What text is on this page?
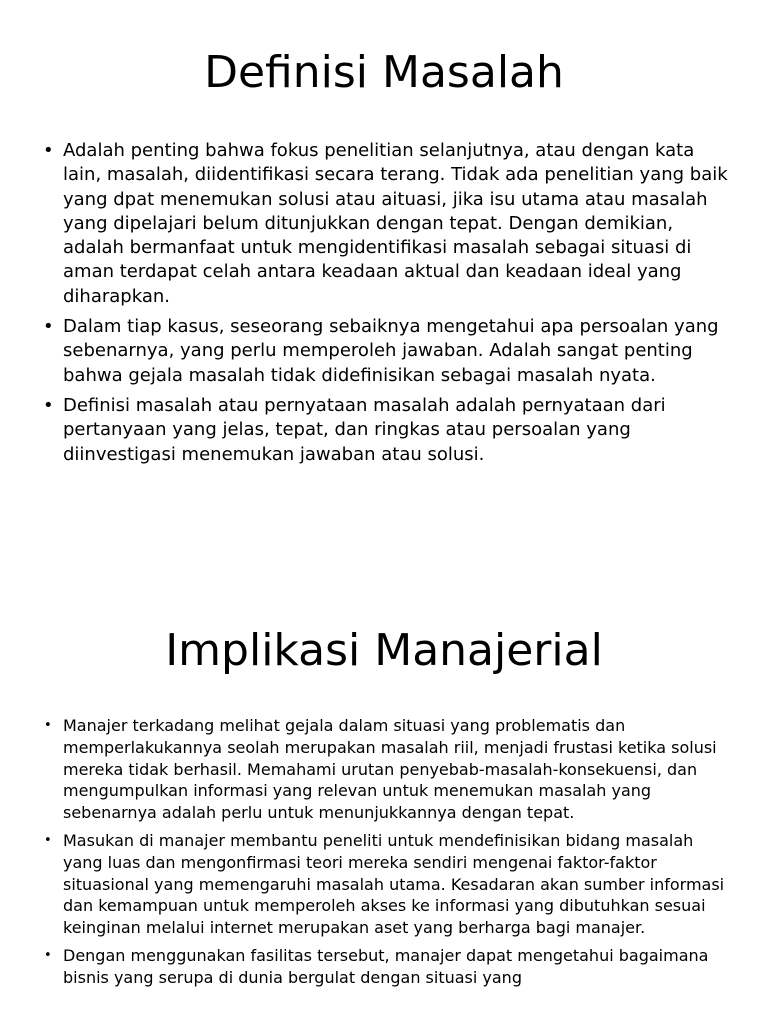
Definisi Masalah
• Adalah penting bahwa fokus penelitian selanjutnya, atau dengan kata lain, masalah, diidentifikasi secara terang. Tidak ada penelitian yang baik yang dpat menemukan solusi atau aituasi, jika isu utama atau masalah yang dipelajari belum ditunjukkan dengan tepat. Dengan demikian, adalah bermanfaat untuk mengidentifikasi masalah sebagai situasi di aman terdapat celah antara keadaan aktual dan keadaan ideal yang diharapkan.
• Dalam tiap kasus, seseorang sebaiknya mengetahui apa persoalan yang sebenarnya, yang perlu memperoleh jawaban. Adalah sangat penting bahwa gejala masalah tidak didefinisikan sebagai masalah nyata.
• Definisi masalah atau pernyataan masalah adalah pernyataan dari pertanyaan yang jelas, tepat, dan ringkas atau persoalan yang diinvestigasi menemukan jawaban atau solusi.
Implikasi Manajerial
• Manajer terkadang melihat gejala dalam situasi yang problematis dan memperlakukannya seolah merupakan masalah riil, menjadi frustasi ketika solusi mereka tidak berhasil. Memahami urutan penyebab-masalah-konsekuensi, dan mengumpulkan informasi yang relevan untuk menemukan masalah yang sebenarnya adalah perlu untuk menunjukkannya dengan tepat.
• Masukan di manajer membantu peneliti untuk mendefinisikan bidang masalah yang luas dan mengonfirmasi teori mereka sendiri mengenai faktor-faktor situasional yang memengaruhi masalah utama. Kesadaran akan sumber informasi dan kemampuan untuk memperoleh akses ke informasi yang dibutuhkan sesuai keinginan melalui internet merupakan aset yang berharga bagi manajer.
• Dengan menggunakan fasilitas tersebut, manajer dapat mengetahui bagaimana bisnis yang serupa di dunia bergulat dengan situasi yang
